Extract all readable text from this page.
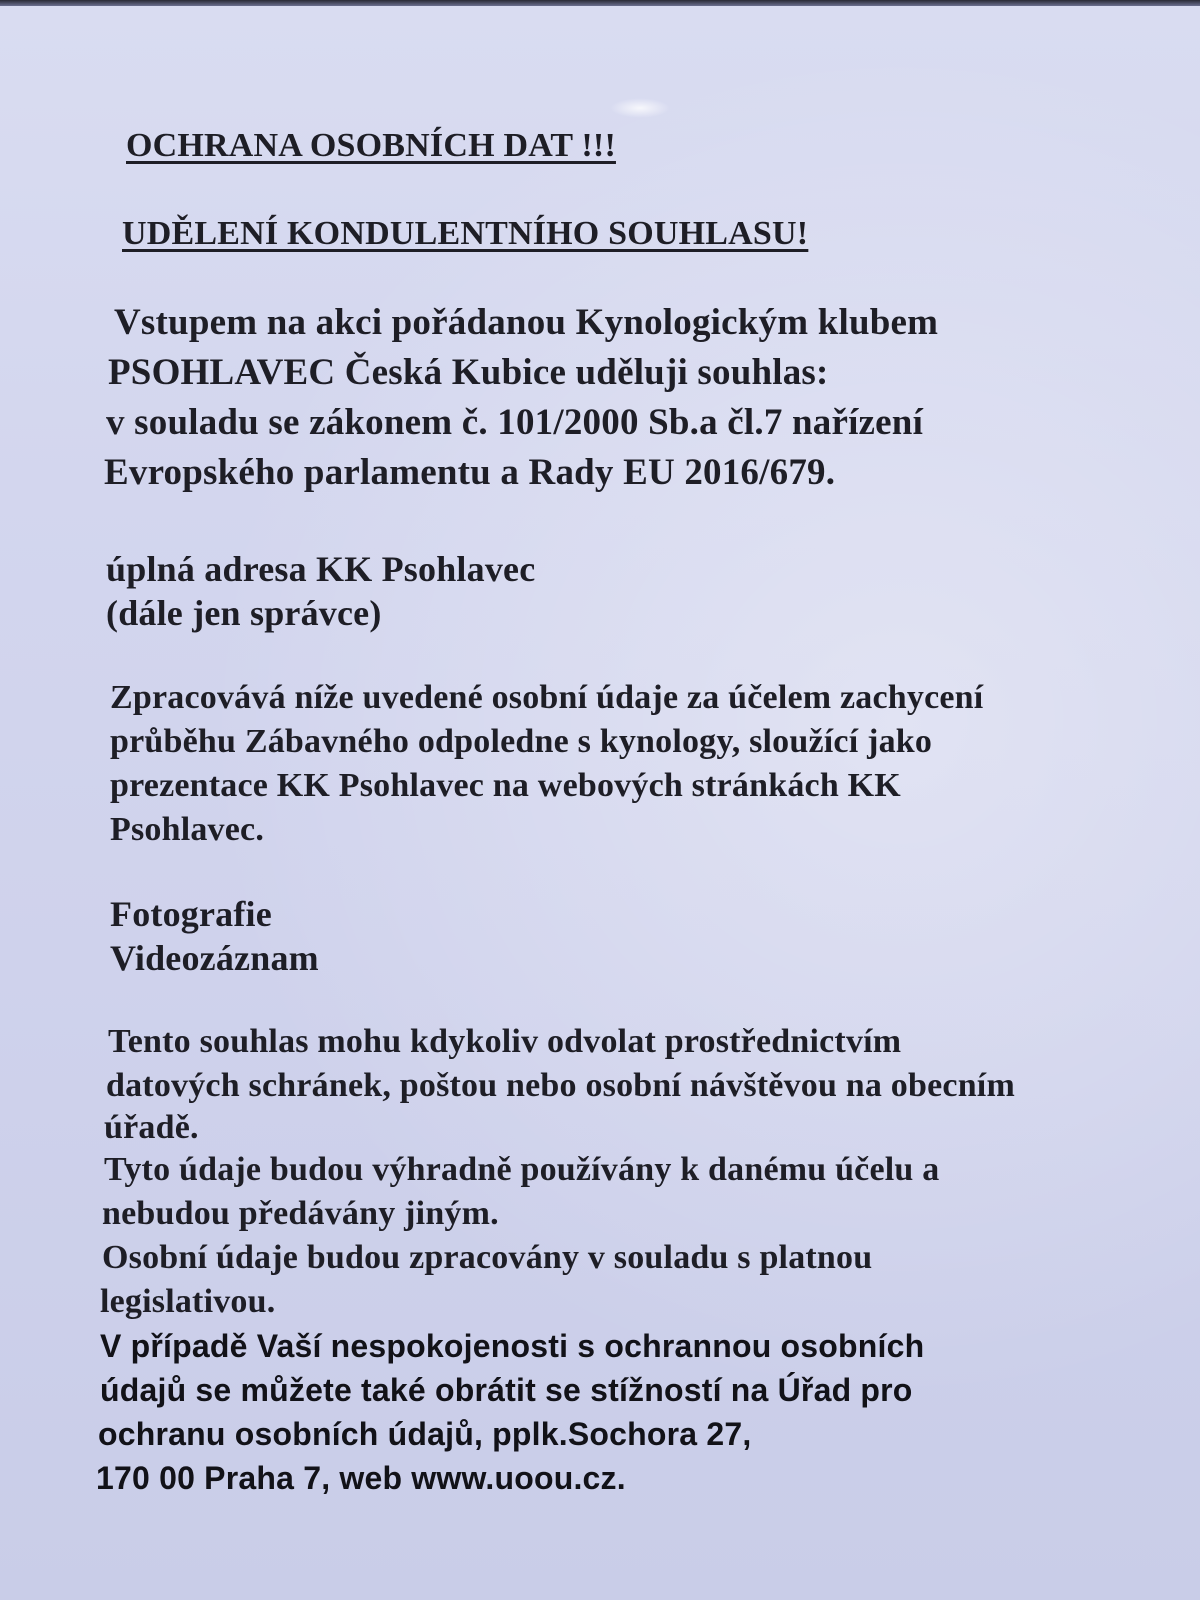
OCHRANA OSOBNÍCH DAT !!!
UDĚLENÍ KONDULENTNÍHO SOUHLASU!
Vstupem na akci pořádanou Kynologickým klubem
PSOHLAVEC Česká Kubice uděluji souhlas:
v souladu se zákonem č. 101/2000 Sb.a čl.7 nařízení
Evropského parlamentu a Rady EU 2016/679.
úplná adresa KK Psohlavec
(dále jen správce)
Zpracovává níže uvedené osobní údaje za účelem zachycení
průběhu Zábavného odpoledne s kynology, sloužící jako
prezentace KK Psohlavec na webových stránkách KK
Psohlavec.
Fotografie
Videozáznam
Tento souhlas mohu kdykoliv odvolat prostřednictvím
datových schránek, poštou nebo osobní návštěvou na obecním
úřadě.
Tyto údaje budou výhradně používány k danému účelu a
nebudou předávány jiným.
Osobní údaje budou zpracovány v souladu s platnou
legislativou.
V případě Vaší nespokojenosti s ochrannou osobních
údajů se můžete také obrátit se stížností na Úřad pro
ochranu osobních údajů, pplk.Sochora 27,
170 00 Praha 7, web www.uoou.cz.
